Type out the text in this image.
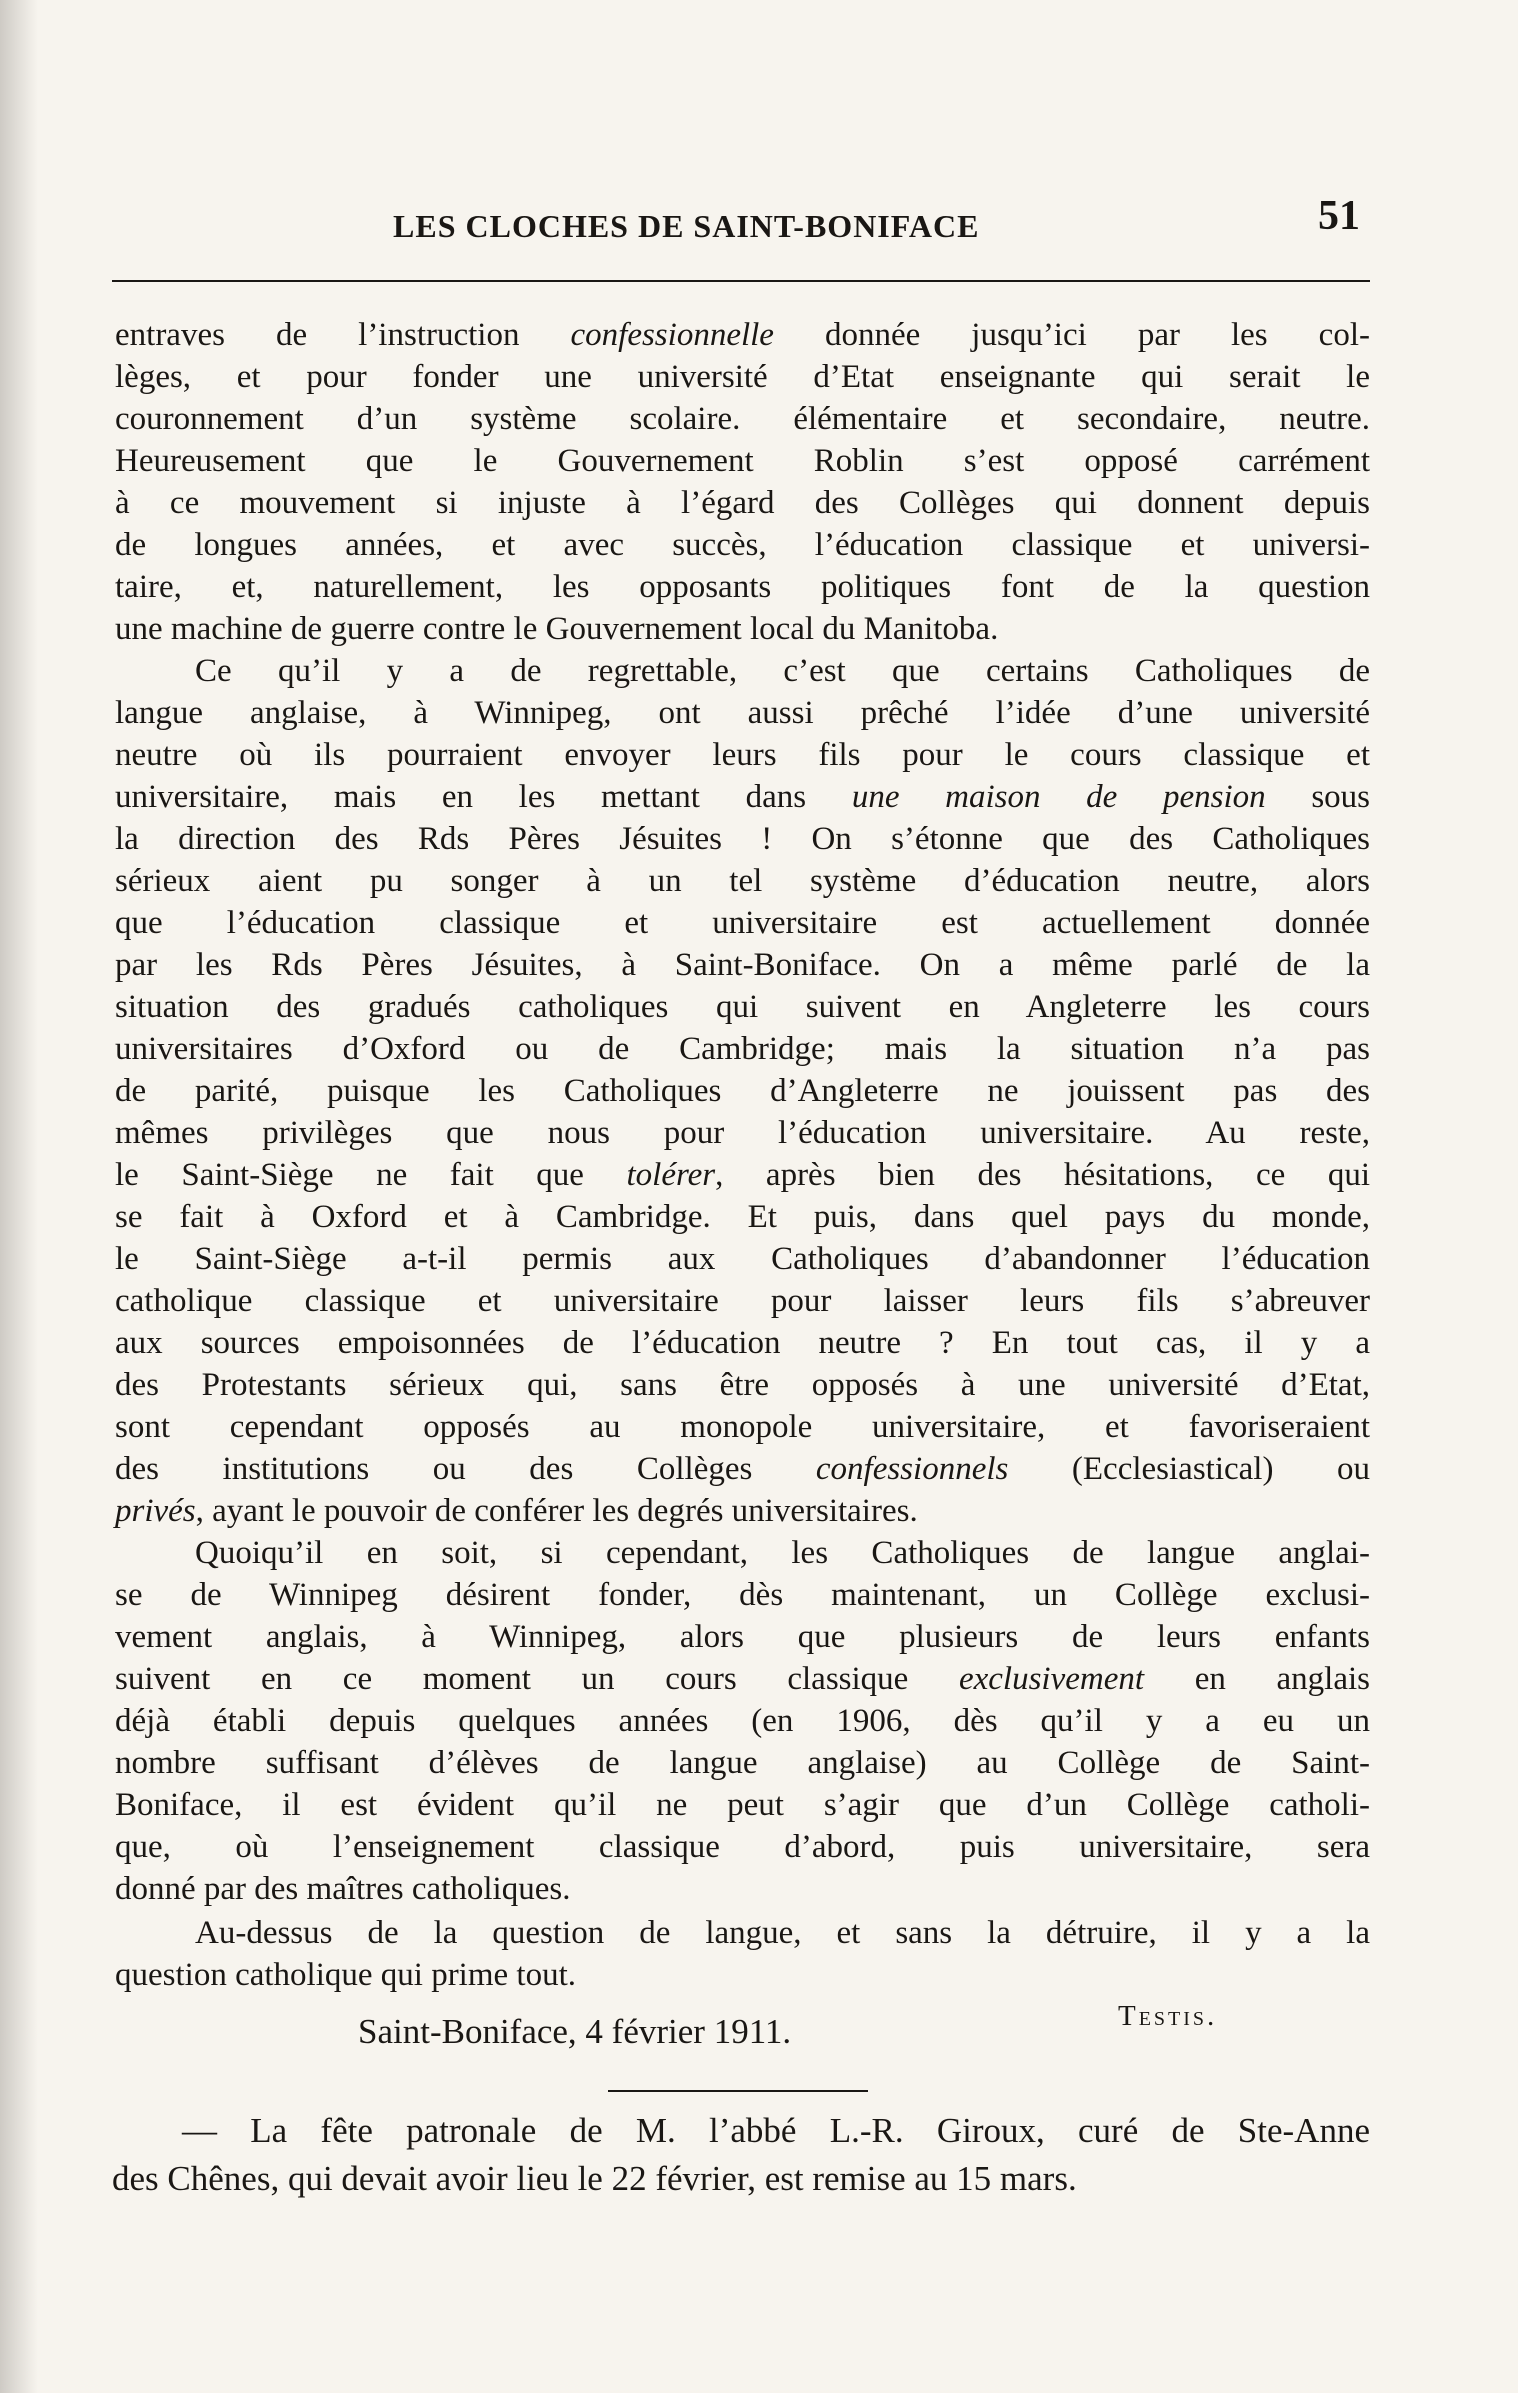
LES CLOCHES DE SAINT-BONIFACE	51
entraves de l’instruction confessionnelle donnée jusqu’ici par les col-
lèges, et pour fonder une université d’Etat enseignante qui serait le
couronnement d’un système scolaire. élémentaire et secondaire, neutre.
Heureusement que le Gouvernement Roblin s’est opposé carrément
à ce mouvement si injuste à l’égard des Collèges qui donnent depuis
de longues années, et avec succès, l’éducation classique et universi-
taire, et, naturellement, les opposants politiques font de la question
une machine de guerre contre le Gouvernement local du Manitoba.
Ce qu’il y a de regrettable, c’est que certains Catholiques de
langue anglaise, à Winnipeg, ont aussi prêché l’idée d’une université
neutre où ils pourraient envoyer leurs fils pour le cours classique et
universitaire, mais en les mettant dans une maison de pension sous
la direction des Rds Pères Jésuites ! On s’étonne que des Catholiques
sérieux aient pu songer à un tel système d’éducation neutre, alors
que l’éducation classique et universitaire est actuellement donnée
par les Rds Pères Jésuites, à Saint-Boniface. On a même parlé de la
situation des gradués catholiques qui suivent en Angleterre les cours
universitaires d’Oxford ou de Cambridge; mais la situation n’a pas
de parité, puisque les Catholiques d’Angleterre ne jouissent pas des
mêmes privilèges que nous pour l’éducation universitaire. Au reste,
le Saint-Siège ne fait que tolérer, après bien des hésitations, ce qui
se fait à Oxford et à Cambridge. Et puis, dans quel pays du monde,
le Saint-Siège a-t-il permis aux Catholiques d’abandonner l’éducation
catholique classique et universitaire pour laisser leurs fils s’abreuver
aux sources empoisonnées de l’éducation neutre ? En tout cas, il y a
des Protestants sérieux qui, sans être opposés à une université d’Etat,
sont cependant opposés au monopole universitaire, et favoriseraient
des institutions ou des Collèges confessionnels (Ecclesiastical) ou
privés, ayant le pouvoir de conférer les degrés universitaires.
Quoiqu’il en soit, si cependant, les Catholiques de langue anglai-
se de Winnipeg désirent fonder, dès maintenant, un Collège exclusi-
vement anglais, à Winnipeg, alors que plusieurs de leurs enfants
suivent en ce moment un cours classique exclusivement en anglais
déjà établi depuis quelques années (en 1906, dès qu’il y a eu un
nombre suffisant d’élèves de langue anglaise) au Collège de Saint-
Boniface, il est évident qu’il ne peut s’agir que d’un Collège catholi-
que, où l’enseignement classique d’abord, puis universitaire, sera
donné par des maîtres catholiques.
Au-dessus de la question de langue, et sans la détruire, il y a la
question catholique qui prime tout.
Saint-Boniface, 4 février 1911.	Testis.
— La fête patronale de M. l’abbé L.-R. Giroux, curé de Ste-Anne
des Chênes, qui devait avoir lieu le 22 février, est remise au 15 mars.
